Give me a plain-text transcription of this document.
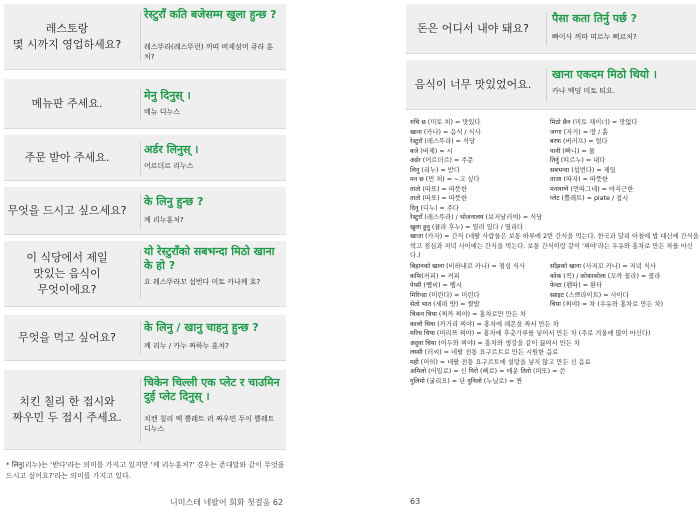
레스토랑
몇 시까지 영업하세요?
रेस्टुराँ कति बजेसम्म खुला हुन्छ ?
레스뚜라(레스뚜런) 꺼띠 버제섬머 큐라 훈처?
메뉴판 주세요.
मेनु दिनुस् ।
메뉴 디누스
주문 받아 주세요.
अर्डर लिनुस् ।
어르더르 리누스
무엇을 드시고 싶으세요?
के लिनु हुन्छ ?
께 리누훈처?
이 식당에서 제일
맛있는 음식이
무엇이에요?
यो रेस्टुराँको सबभन्दा मिठो खाना के हो ?
요 레스뚜라꼬 섭번다 미토 카나께 호?
무엇을 먹고 싶어요?
के लिनु / खानु चाहनु हुन्छ ?
께 리누 / 카누 짜하누 훈처?
치킨 칠리 한 접시와
짜우민 두 접시 주세요.
चिकेन चिल्ली एक प्लेट र चाउमिन दुई प्लेट दिनुस् ।
치켄 칠리 엑 쁠레트 러 짜우민 두이 쁠레트 디누스
* लिनु(리누)는 '받다'라는 의미를 가지고 있지만 '께 리누훈처?' 경우는 존대말와 같이 무엇을 드시고 싶어요?'라는 의미를 가지고 있다.
니미스테 네팔어 회화 첫걸음 62
돈은 어디서 내야 돼요?
पैसा कता तिर्नु पर्छ ?
빠이사 꺼따 띠르누 뻐르처?
음식이 너무 맛있었어요.
खाना एकदम मिठो थियो ।
카나 엑덤 미토 티요.
रुचि छ (미토 처) = 맛있다
खाना (카나) = 음식 / 식사
रेस्टुराँ (레스뚜라) = 식당
बजे (버제) = 시
अर्डर (어르더르) = 주문
लिनु (리누) = 받다
मन छ (먼 처) = ~고 싶다
तातो (따또) = 따뜻한
तातो (따또) = 따뜻한
दिनु (디누) = 주다
मिठो छैन (미토 채이너) = 맛없다
जग्गा (자거) = 땅 / 흙
बरफ (버러프) = 얼다
पानी (빠니) = 물
तिर्नु (띠르누) = 내다
सबभन्दा (섭번다) = 제일
ताजा (따자) = 따뜻한
मनलाग्ने (먼따그네) = 마지근한
प्लेट (쁠레트) = plate / 접시
रेस्टुराँ (레스뚜라) / भोजनालय (보저날러여) = 식당
खुला हुनु (큘라 후누) = 열려 있다 / 열리다
खाजा (카자) = 간식 (네팔 사람들은 보통 하루에 2번 간식을 먹는다. 한국과 달리 아침에 밥 대신에 간식을 먹고 점심과 저녁 사이에는 간식을 먹는다. 보통 간식이랑 같이 '찌야'라는 우유와 홍차로 만든 차를 마신다.)
बिहानको खाना (비하내꼬 카나) = 점심 식사
कफि(커피) = 커피
पेप्सी (뻽씨) = 펩시
मिरिन्डा (미린다) = 미린다
सेतो भात (세떠 밧) = 쌀밥
साँझको खाना (사저꼬 카나) = 저녁 식사
कोक (꼭) / कोकाकोला (꼬까 꼴라) = 콜라
फेन्टा (펜따) = 환타
स्प्राइट (스쁘라이트) = 사이다
चिया (찌야) = 차 (우유와 홍차로 만든 차)
चिकन चिया (찌까 찌야) = 홍차로만 만든 차
कालो चिया (까거리 찌야) = 홍차에 레몬을 짜서 만든 차
मरिच चिया (머리쯔 찌야) = 홍차에 후춧가루를 넣어서 만든 차 (주로 겨울에 많이 마신다)
अदुवा चिया (어두와 찌야) = 홍차와 생강을 같이 끓여서 만든 차
लस्सी (러씨) = 네팔 전통 요구르트로 만든 시원한 음료
मही (머히) = 네팔 전통 요구르트에 설탕을 넣지 않고 만든 신 음료
अमिलो (어밀로) = 신 पिरो (삐로) = 매운 तितो (띠또) = 쓴
गुलियो (굴리요) = 단 नुनिलो (누닐로) = 짠
63
